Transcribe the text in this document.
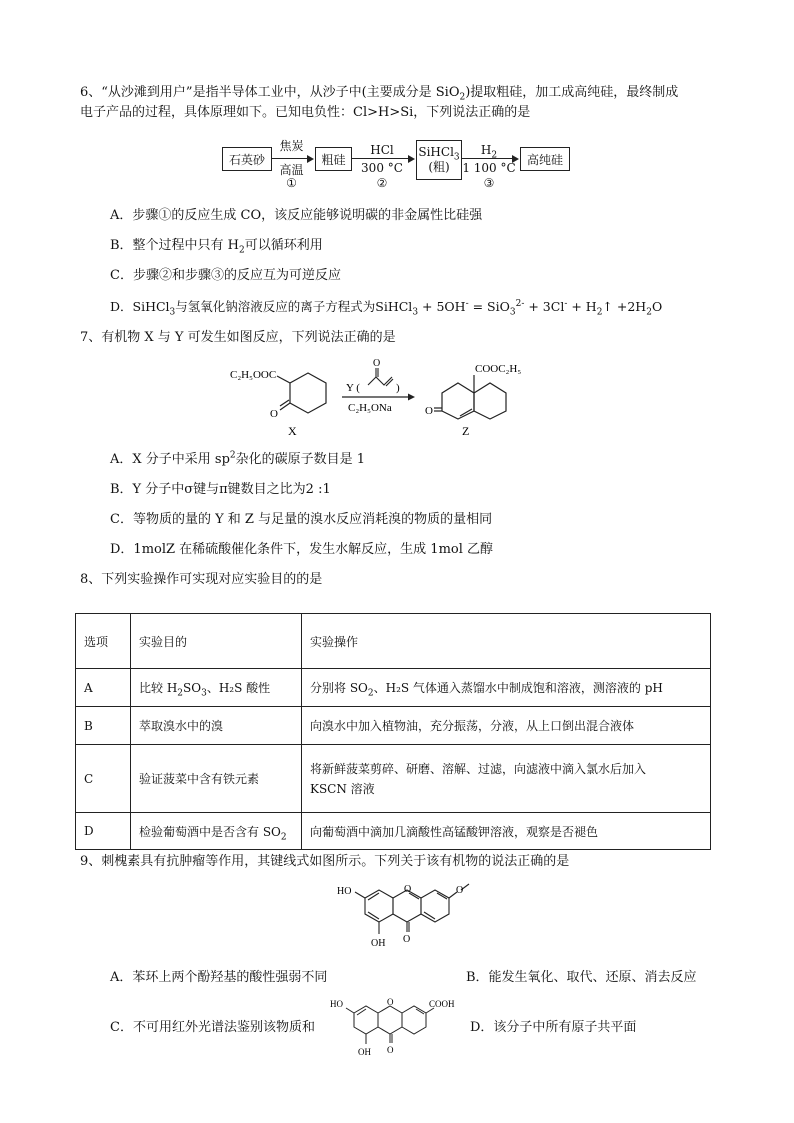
6、“从沙滩到用户”是指半导体工业中，从沙子中(主要成分是 SiO$_2$)提取粗硅，加工成高纯硅，最终制成
电子产品的过程，具体原理如下。已知电负性：Cl>H>Si，下列说法正确的是
石英砂
焦炭
高温
①
粗硅
HCl
300 °C
②
SiHCl$_3$
(粗)
$H_2$
1 100 °C
③
高纯硅
A．步骤①的反应生成 CO，该反应能够说明碳的非金属性比硅强
B．整个过程中只有 $H_2$可以循环利用
C．步骤②和步骤③的反应互为可逆反应
D．SiHCl$_3$与氢氧化钠溶液反应的离子方程式为SiHCl$_3$ + $5OH^- = SiO_3^{2-} + 3Cl^- + H_2↑ +2H_2O$
7、有机物 X 与 Y 可发生如图反应，下列说法正确的是
C₂H₅OOC
O
X
Y (
O
)
C₂H₅ONa
COOC₂H₅
O
Z
A．X 分子中采用 $sp^2$杂化的碳原子数目是 1
B．Y 分子中σ键与π键数目之比为2 :1
C．等物质的量的 Y 和 Z 与足量的溴水反应消耗溴的物质的量相同
D．1molZ 在稀硫酸催化条件下，发生水解反应，生成 1mol 乙醇
8、下列实验操作可实现对应实验目的的是
选项	实验目的	实验操作
A	比较 $H_2SO_3$、H₂S 酸性	分别将 $SO_2$、H₂S 气体通入蒸馏水中制成饱和溶液，测溶液的 pH
B	萃取溴水中的溴	向溴水中加入植物油，充分振荡，分液，从上口倒出混合液体
C	验证菠菜中含有铁元素	将新鲜菠菜剪碎、研磨、溶解、过滤，向滤液中滴入氯水后加入
KSCN 溶液

D	检验葡萄酒中是否含有 $SO_2$	向葡萄酒中滴加几滴酸性高锰酸钾溶液，观察是否褪色
9、刺槐素具有抗肿瘤等作用，其键线式如图所示。下列关于该有机物的说法正确的是
HO
OH O
O	O
A．苯环上两个酚羟基的酸性强弱不同	B．能发生氧化、取代、还原、消去反应
C．不可用红外光谱法鉴别该物质和
HO
OH O
O	COOH
D．该分子中所有原子共平面
